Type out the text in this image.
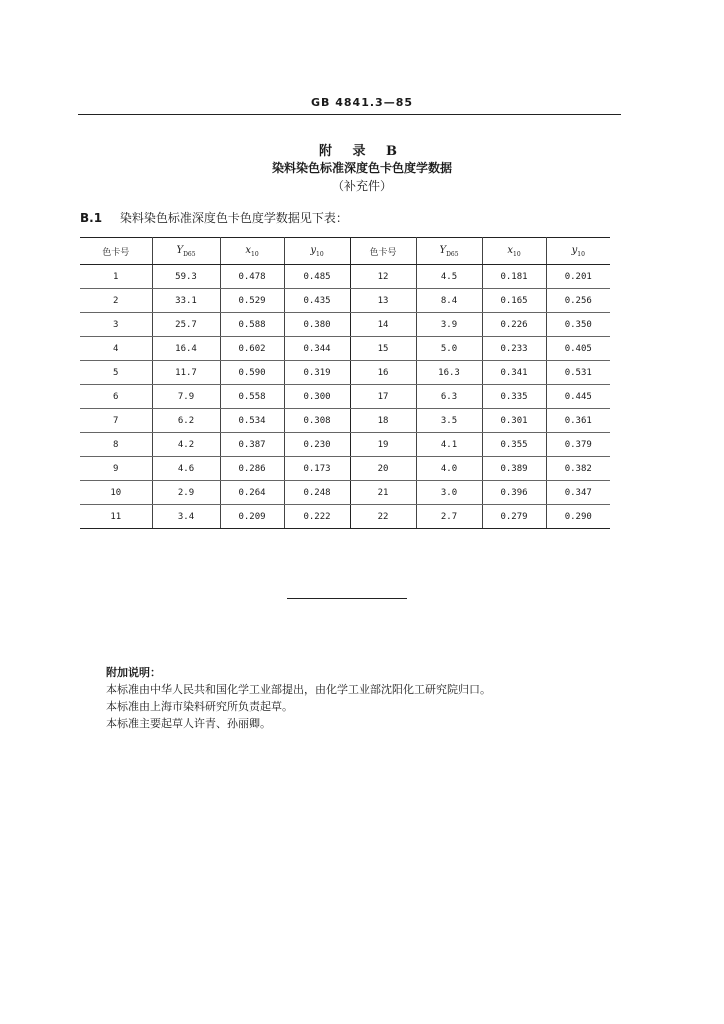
GB 4841.3—85
附 录 B
染料染色标准深度色卡色度学数据
（补充件）
B.1 染料染色标准深度色卡色度学数据见下表：
色卡号	$Y_{D65}$	$x_{10}$	$y_{10}$	色卡号	$Y_{D65}$	$x_{10}$	$y_{10}$
1	59.3	0.478	0.485	12	4.5	0.181	0.201
2	33.1	0.529	0.435	13	8.4	0.165	0.256
3	25.7	0.588	0.380	14	3.9	0.226	0.350
4	16.4	0.602	0.344	15	5.0	0.233	0.405
5	11.7	0.590	0.319	16	16.3	0.341	0.531
6	7.9	0.558	0.300	17	6.3	0.335	0.445
7	6.2	0.534	0.308	18	3.5	0.301	0.361
8	4.2	0.387	0.230	19	4.1	0.355	0.379
9	4.6	0.286	0.173	20	4.0	0.389	0.382
10	2.9	0.264	0.248	21	3.0	0.396	0.347
11	3.4	0.209	0.222	22	2.7	0.279	0.290
附加说明：
本标准由中华人民共和国化学工业部提出，由化学工业部沈阳化工研究院归口。
本标准由上海市染料研究所负责起草。
本标准主要起草人许青、孙丽卿。
